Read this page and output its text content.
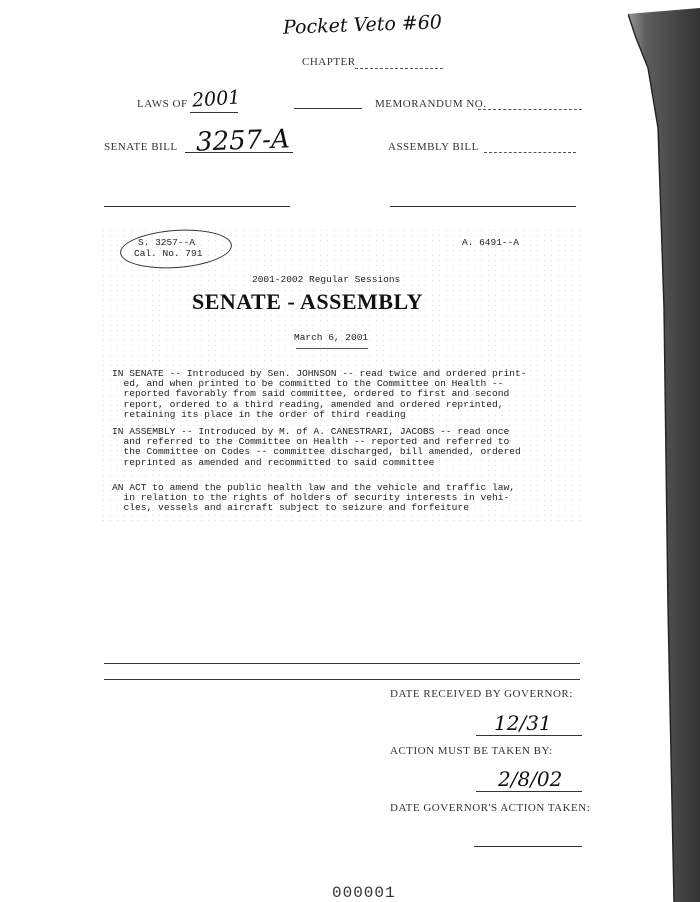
Pocket Veto #60
CHAPTER
LAWS OF 2001	MEMORANDUM NO.
SENATE BILL 3257-A	ASSEMBLY BILL
S. 3257--A
Cal. No. 791
A. 6491--A
2001-2002 Regular Sessions
SENATE - ASSEMBLY
March 6, 2001
IN SENATE -- Introduced by Sen. JOHNSON -- read twice and ordered print-
ed, and when printed to be committed to the Committee on Health --
reported favorably from said committee, ordered to first and second
report, ordered to a third reading, amended and ordered reprinted,
retaining its place in the order of third reading
IN ASSEMBLY -- Introduced by M. of A. CANESTRARI, JACOBS -- read once
and referred to the Committee on Health -- reported and referred to
the Committee on Codes -- committee discharged, bill amended, ordered
reprinted as amended and recommitted to said committee
AN ACT to amend the public health law and the vehicle and traffic law,
in relation to the rights of holders of security interests in vehi-
cles, vessels and aircraft subject to seizure and forfeiture
DATE RECEIVED BY GOVERNOR:
12/31
ACTION MUST BE TAKEN BY:
2/8/02
DATE GOVERNOR'S ACTION TAKEN:
000001
